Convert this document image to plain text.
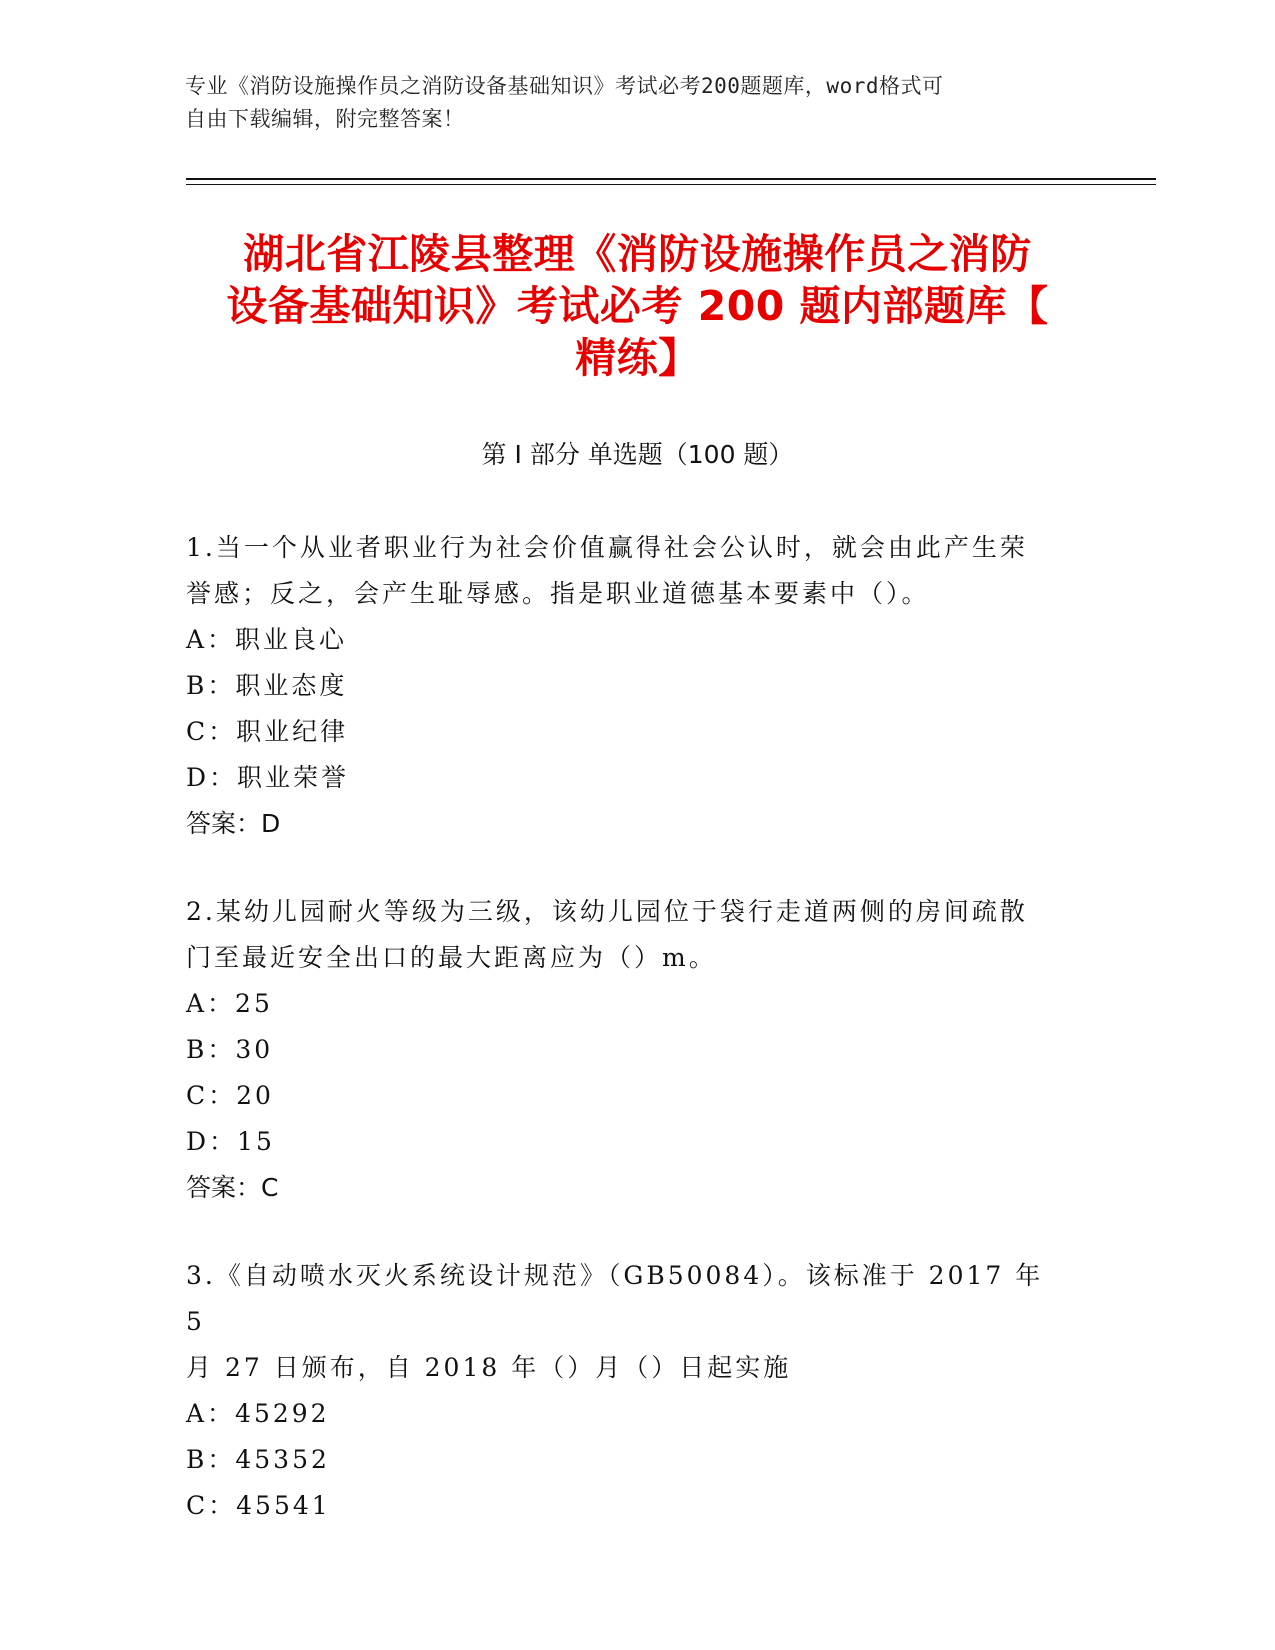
专业《消防设施操作员之消防设备基础知识》考试必考200题题库，word格式可
自由下载编辑，附完整答案！
湖北省江陵县整理《消防设施操作员之消防
设备基础知识》考试必考 200 题内部题库【
精练】
第 I 部分 单选题（100 题）
1.当一个从业者职业行为社会价值赢得社会公认时，就会由此产生荣
誉感；反之，会产生耻辱感。指是职业道德基本要素中（）。
A：职业良心
B：职业态度
C：职业纪律
D：职业荣誉
答案：D
2.某幼儿园耐火等级为三级，该幼儿园位于袋行走道两侧的房间疏散
门至最近安全出口的最大距离应为（）m。
A：25
B：30
C：20
D：15
答案：C
3.《自动喷水灭火系统设计规范》（GB50084）。该标准于 2017 年 5
月 27 日颁布，自 2018 年（）月（）日起实施
A：45292
B：45352
C：45541
